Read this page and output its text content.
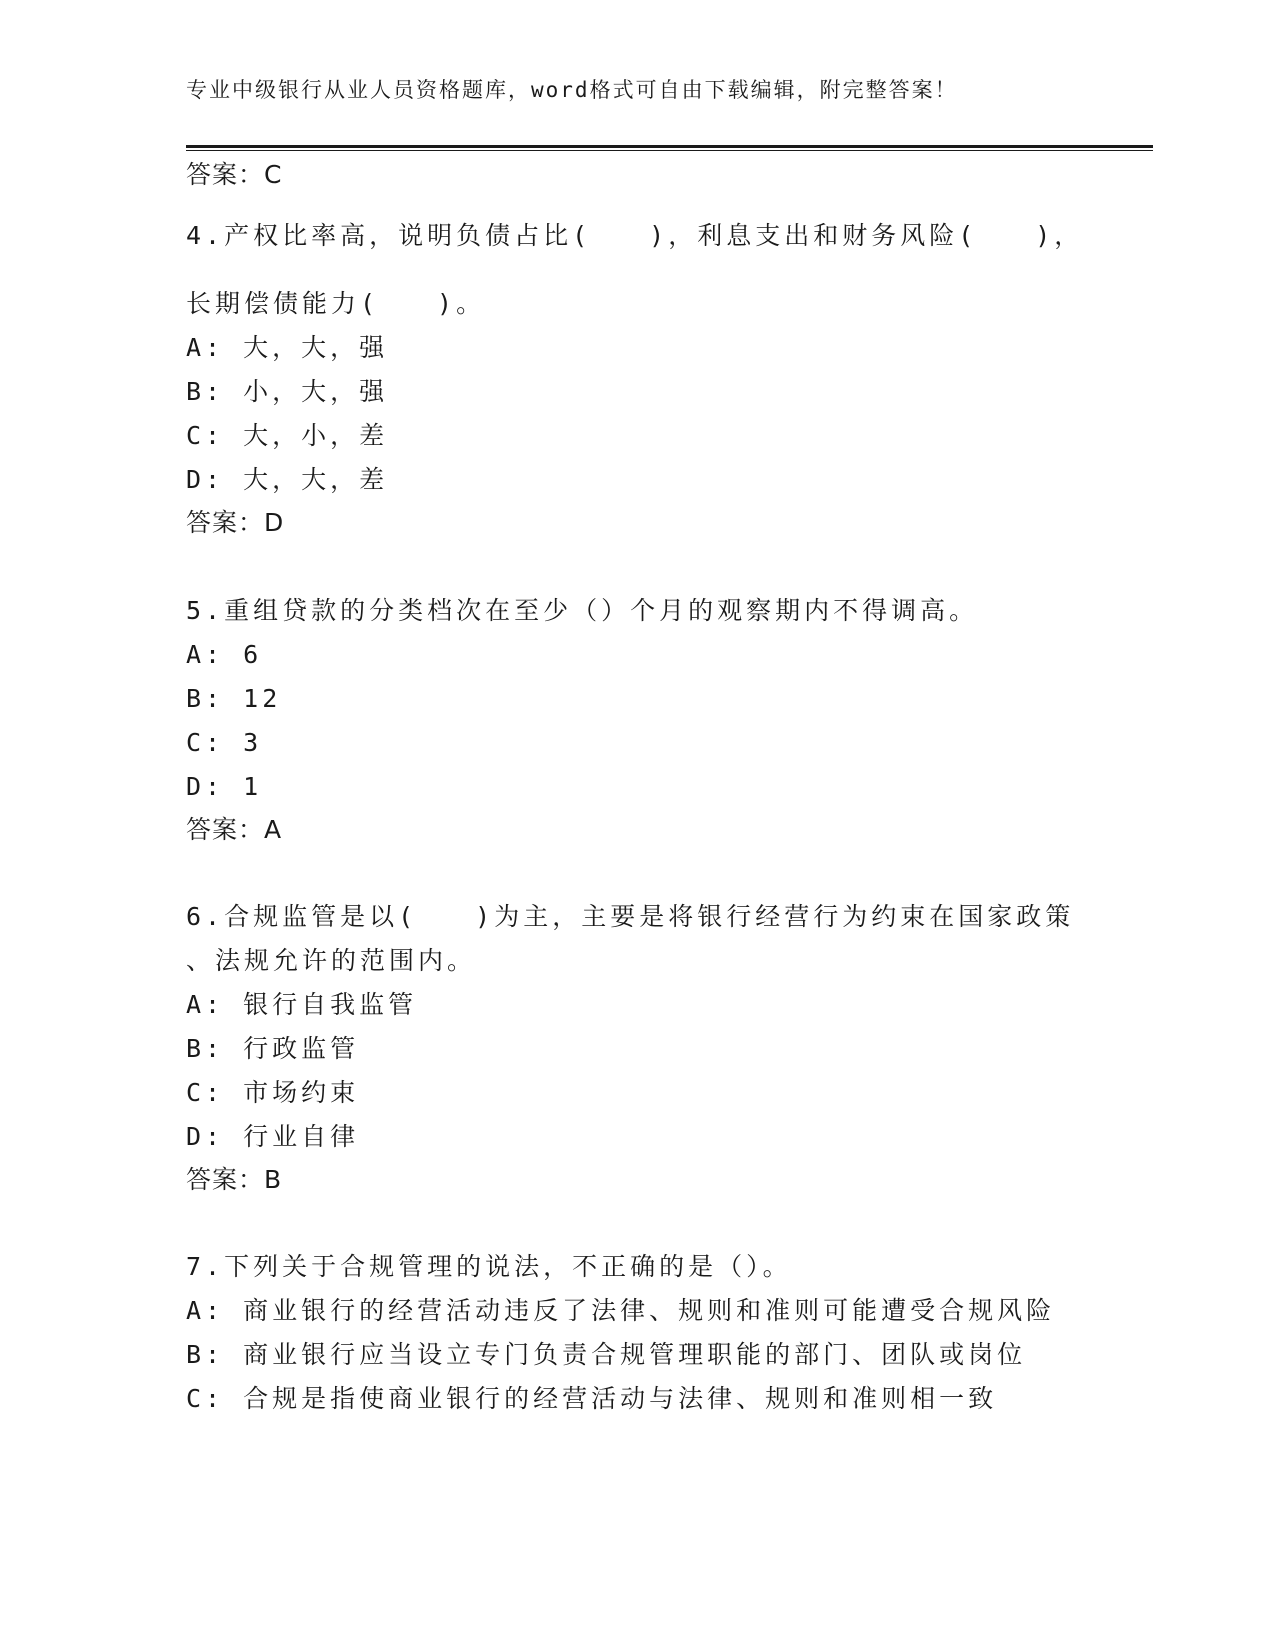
专业中级银行从业人员资格题库，word格式可自由下载编辑，附完整答案！
答案：C
4.产权比率高，说明负债占比(　　)，利息支出和财务风险(　　)，
长期偿债能力(　　)。
A: 大，大，强
B: 小，大，强
C: 大，小，差
D: 大，大，差
答案：D
5.重组贷款的分类档次在至少（）个月的观察期内不得调高。
A: 6
B: 12
C: 3
D: 1
答案：A
6.合规监管是以(　　)为主，主要是将银行经营行为约束在国家政策
、法规允许的范围内。
A: 银行自我监管
B: 行政监管
C: 市场约束
D: 行业自律
答案：B
7.下列关于合规管理的说法，不正确的是（）。
A: 商业银行的经营活动违反了法律、规则和准则可能遭受合规风险
B: 商业银行应当设立专门负责合规管理职能的部门、团队或岗位
C: 合规是指使商业银行的经营活动与法律、规则和准则相一致
